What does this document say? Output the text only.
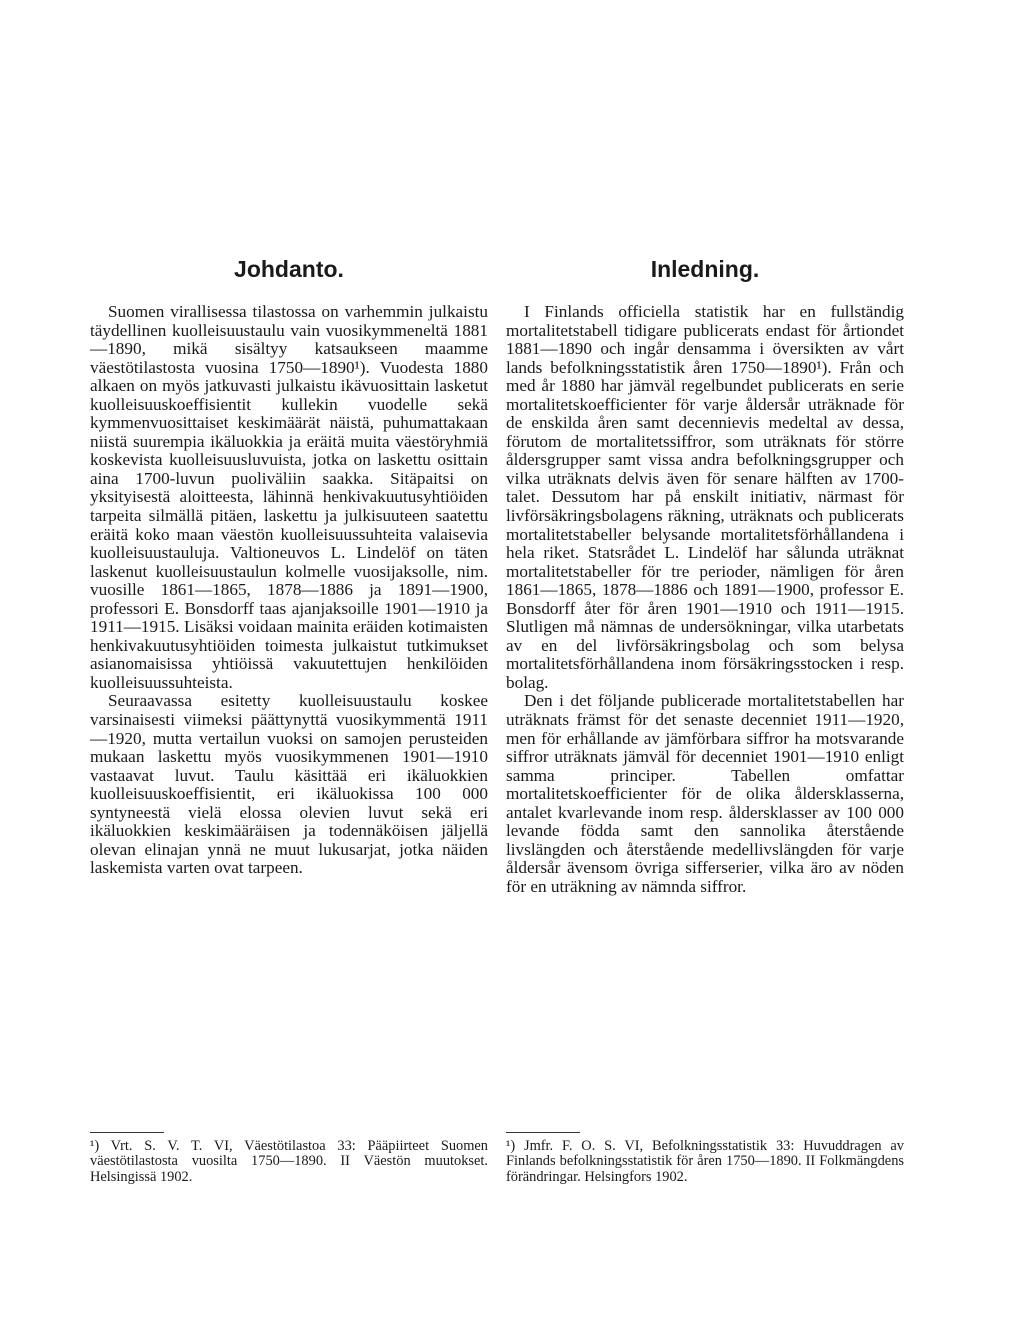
Johdanto.

Suomen virallisessa tilastossa on varhemmin julkaistu täydellinen kuolleisuustaulu vain vuosikymmeneltä 1881—1890, mikä sisältyy katsaukseen maamme väestötilastosta vuosina 1750—1890¹). Vuodesta 1880 alkaen on myös jatkuvasti julkaistu ikävuosittain lasketut kuolleisuuskoeffisientit kullekin vuodelle sekä kymmenvuosittaiset keskimäärät näistä, puhumattakaan niistä suurempia ikäluokkia ja eräitä muita väestöryhmiä koskevista kuolleisuusluvuista, jotka on laskettu osittain aina 1700-luvun puoliväliin saakka. Sitäpaitsi on yksityisestä aloitteesta, lähinnä henkivakuutusyhtiöiden tarpeita silmällä pitäen, laskettu ja julkisuuteen saatettu eräitä koko maan väestön kuolleisuussuhteita valaisevia kuolleisuustauluja. Valtioneuvos L. Lindelöf on täten laskenut kuolleisuustaulun kolmelle vuosijaksolle, nim. vuosille 1861—1865, 1878—1886 ja 1891—1900, professori E. Bonsdorff taas ajanjaksoille 1901—1910 ja 1911—1915. Lisäksi voidaan mainita eräiden kotimaisten henkivakuutusyhtiöiden toimesta julkaistut tutkimukset asianomaisissa yhtiöissä vakuutettujen henkilöiden kuolleisuussuhteista.

Seuraavassa esitetty kuolleisuustaulu koskee varsinaisesti viimeksi päättynyttä vuosikymmentä 1911—1920, mutta vertailun vuoksi on samojen perusteiden mukaan laskettu myös vuosikymmenen 1901—1910 vastaavat luvut. Taulu käsittää eri ikäluokkien kuolleisuuskoeffisientit, eri ikäluokissa 100 000 syntyneestä vielä elossa olevien luvut sekä eri ikäluokkien keskimääräisen ja todennäköisen jäljellä olevan elinajan ynnä ne muut lukusarjat, jotka näiden laskemista varten ovat tarpeen.

Inledning.

I Finlands officiella statistik har en fullständig mortalitetstabell tidigare publicerats endast för årtiondet 1881—1890 och ingår densamma i översikten av vårt lands befolkningsstatistik åren 1750—1890¹). Från och med år 1880 har jämväl regelbundet publicerats en serie mortalitetskoefficienter för varje åldersår uträknade för de enskilda åren samt decennievis medeltal av dessa, förutom de mortalitetssiffror, som uträknats för större åldersgrupper samt vissa andra befolkningsgrupper och vilka uträknats delvis även för senare hälften av 1700-talet. Dessutom har på enskilt initiativ, närmast för livförsäkringsbolagens räkning, uträknats och publicerats mortalitetstabeller belysande mortalitetsförhållandena i hela riket. Statsrådet L. Lindelöf har sålunda uträknat mortalitetstabeller för tre perioder, nämligen för åren 1861—1865, 1878—1886 och 1891—1900, professor E. Bonsdorff åter för åren 1901—1910 och 1911—1915. Slutligen må nämnas de undersökningar, vilka utarbetats av en del livförsäkringsbolag och som belysa mortalitetsförhållandena inom försäkringsstocken i resp. bolag.

Den i det följande publicerade mortalitetstabellen har uträknats främst för det senaste decenniet 1911—1920, men för erhållande av jämförbara siffror ha motsvarande siffror uträknats jämväl för decenniet 1901—1910 enligt samma principer. Tabellen omfattar mortalitetskoefficienter för de olika åldersklasserna, antalet kvarlevande inom resp. åldersklasser av 100 000 levande födda samt den sannolika återstående livslängden och återstående medellivslängden för varje åldersår ävensom övriga sifferserier, vilka äro av nöden för en uträkning av nämnda siffror.

¹) Vrt. S. V. T. VI, Väestötilastoa 33: Pääpiirteet Suomen väestötilastosta vuosilta 1750—1890. II Väestön muutokset. Helsingissä 1902.
¹) Jmfr. F. O. S. VI, Befolkningsstatistik 33: Huvuddragen av Finlands befolkningsstatistik för åren 1750—1890. II Folkmängdens förändringar. Helsingfors 1902.
